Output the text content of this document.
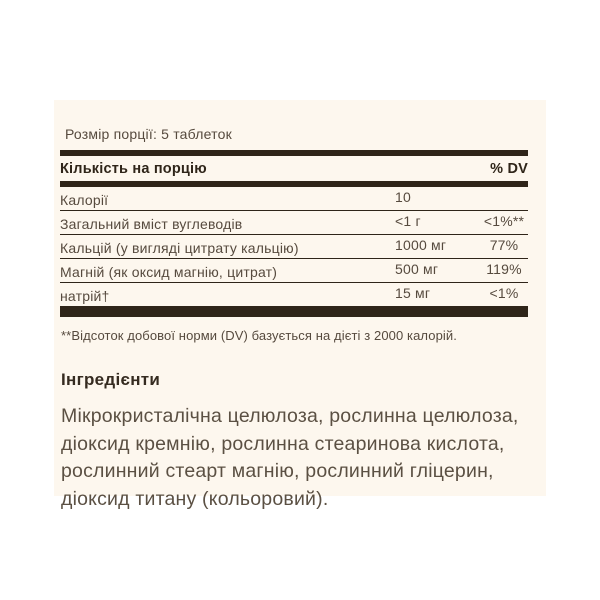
Розмір порції: 5 таблеток
Кількість на порцію	% DV
Калорії	10
Загальний вміст вуглеводів	<1 г	<1%**
Кальцій (у вигляді цитрату кальцію)	1000 мг	77%
Магній (як оксид магнію, цитрат)	500 мг	119%
натрій†	15 мг	<1%
**Відсоток добової норми (DV) базується на дієті з 2000 калорій.
Інгредієнти
Мікрокристалічна целюлоза, рослинна целюлоза, діоксид кремнію, рослинна стеаринова кислота, рослинний стеарт магнію, рослинний гліцерин, діоксид титану (кольоровий).
